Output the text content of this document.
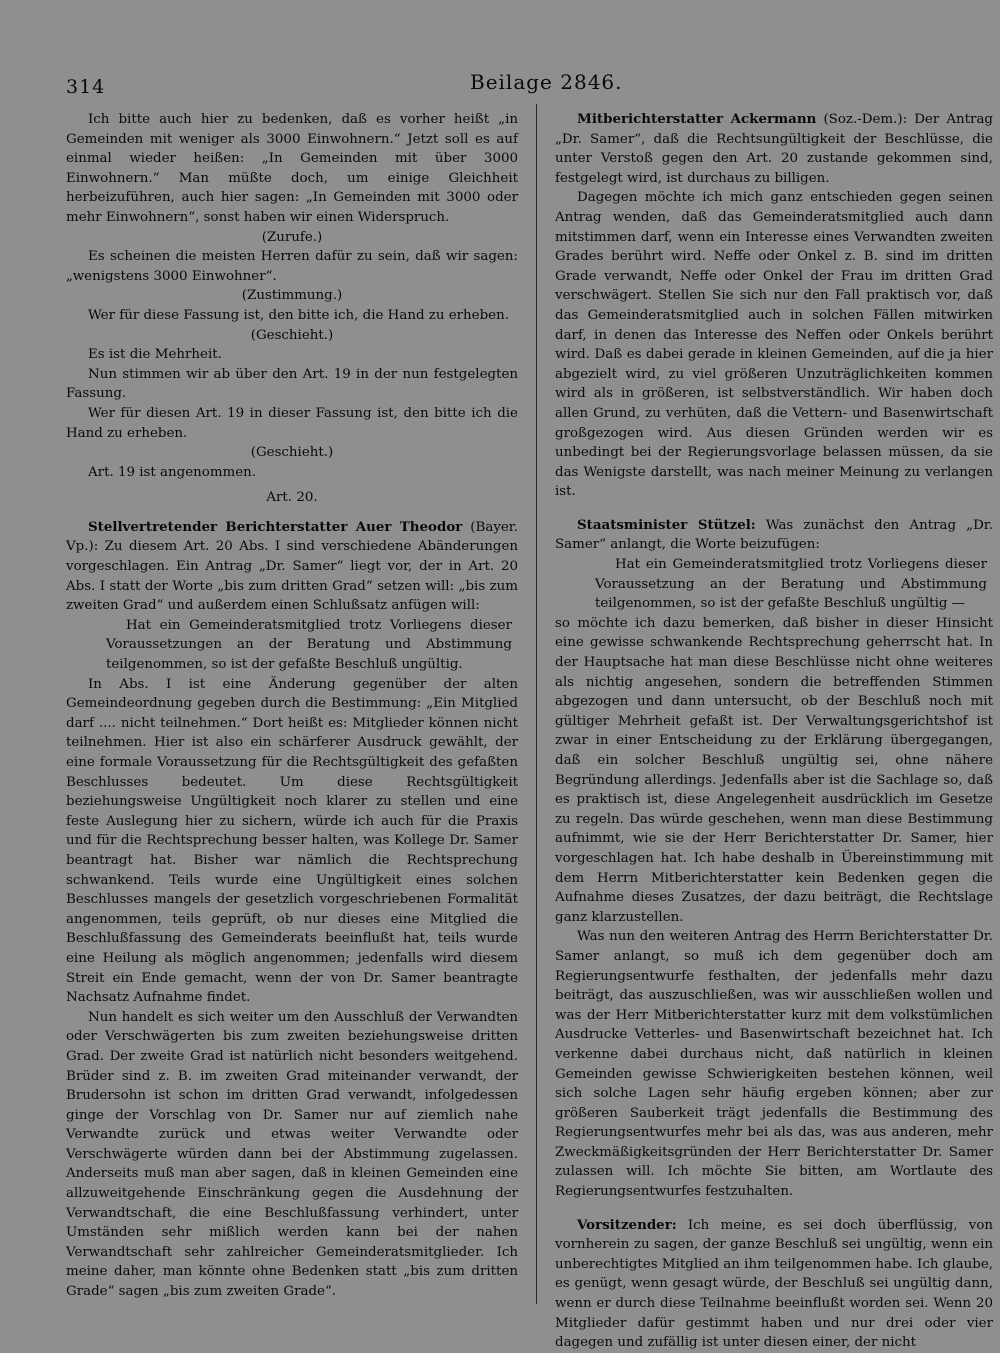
314	Beilage 2846.

Ich bitte auch hier zu bedenken, daß es vorher heißt „in Gemeinden mit weniger als 3000 Einwohnern.“ Jetzt soll es auf einmal wieder heißen: „In Gemeinden mit über 3000 Einwohnern.“ Man müßte doch, um einige Gleichheit herbeizuführen, auch hier sagen: „In Gemeinden mit 3000 oder mehr Einwohnern“, sonst haben wir einen Widerspruch.

(Zurufe.)

Es scheinen die meisten Herren dafür zu sein, daß wir sagen: „wenigstens 3000 Einwohner“.

(Zustimmung.)

Wer für diese Fassung ist, den bitte ich, die Hand zu erheben.

(Geschieht.)

Es ist die Mehrheit.

Nun stimmen wir ab über den Art. 19 in der nun festgelegten Fassung.

Wer für diesen Art. 19 in dieser Fassung ist, den bitte ich die Hand zu erheben.

(Geschieht.)

Art. 19 ist angenommen.

Art. 20.

Stellvertretender Berichterstatter Auer Theodor (Bayer. Vp.): Zu diesem Art. 20 Abs. I sind verschiedene Abänderungen vorgeschlagen. Ein Antrag „Dr. Samer“ liegt vor, der in Art. 20 Abs. I statt der Worte „bis zum dritten Grad“ setzen will: „bis zum zweiten Grad“ und außerdem einen Schlußsatz anfügen will:

Hat ein Gemeinderatsmitglied trotz Vorliegens dieser Voraussetzungen an der Beratung und Abstimmung teilgenommen, so ist der gefaßte Beschluß ungültig.

In Abs. I ist eine Änderung gegenüber der alten Gemeindeordnung gegeben durch die Bestimmung: „Ein Mitglied darf .... nicht teilnehmen.“ Dort heißt es: Mitglieder können nicht teilnehmen. Hier ist also ein schärferer Ausdruck gewählt, der eine formale Voraussetzung für die Rechtsgültigkeit des gefaßten Beschlusses bedeutet. Um diese Rechtsgültigkeit beziehungsweise Ungültigkeit noch klarer zu stellen und eine feste Auslegung hier zu sichern, würde ich auch für die Praxis und für die Rechtsprechung besser halten, was Kollege Dr. Samer beantragt hat. Bisher war nämlich die Rechtsprechung schwankend. Teils wurde eine Ungültigkeit eines solchen Beschlusses mangels der gesetzlich vorgeschriebenen Formalität angenommen, teils geprüft, ob nur dieses eine Mitglied die Beschlußfassung des Gemeinderats beeinflußt hat, teils wurde eine Heilung als möglich angenommen; jedenfalls wird diesem Streit ein Ende gemacht, wenn der von Dr. Samer beantragte Nachsatz Aufnahme findet.

Nun handelt es sich weiter um den Ausschluß der Verwandten oder Verschwägerten bis zum zweiten beziehungsweise dritten Grad. Der zweite Grad ist natürlich nicht besonders weitgehend. Brüder sind z. B. im zweiten Grad miteinander verwandt, der Brudersohn ist schon im dritten Grad verwandt, infolgedessen ginge der Vorschlag von Dr. Samer nur auf ziemlich nahe Verwandte zurück und etwas weiter Verwandte oder Verschwägerte würden dann bei der Abstimmung zugelassen. Anderseits muß man aber sagen, daß in kleinen Gemeinden eine allzuweitgehende Einschränkung gegen die Ausdehnung der Verwandtschaft, die eine Beschlußfassung verhindert, unter Umständen sehr mißlich werden kann bei der nahen Verwandtschaft sehr zahlreicher Gemeinderatsmitglieder. Ich meine daher, man könnte ohne Bedenken statt „bis zum dritten Grade“ sagen „bis zum zweiten Grade“.

Mitberichterstatter Ackermann (Soz.-Dem.): Der Antrag „Dr. Samer“, daß die Rechtsungültigkeit der Beschlüsse, die unter Verstoß gegen den Art. 20 zustande gekommen sind, festgelegt wird, ist durchaus zu billigen.

Dagegen möchte ich mich ganz entschieden gegen seinen Antrag wenden, daß das Gemeinderatsmitglied auch dann mitstimmen darf, wenn ein Interesse eines Verwandten zweiten Grades berührt wird. Neffe oder Onkel z. B. sind im dritten Grade verwandt, Neffe oder Onkel der Frau im dritten Grad verschwägert. Stellen Sie sich nur den Fall praktisch vor, daß das Gemeinderatsmitglied auch in solchen Fällen mitwirken darf, in denen das Interesse des Neffen oder Onkels berührt wird. Daß es dabei gerade in kleinen Gemeinden, auf die ja hier abgezielt wird, zu viel größeren Unzuträglichkeiten kommen wird als in größeren, ist selbstverständlich. Wir haben doch allen Grund, zu verhüten, daß die Vettern- und Basenwirtschaft großgezogen wird. Aus diesen Gründen werden wir es unbedingt bei der Regierungsvorlage belassen müssen, da sie das Wenigste darstellt, was nach meiner Meinung zu verlangen ist.

Staatsminister Stützel: Was zunächst den Antrag „Dr. Samer“ anlangt, die Worte beizufügen:

Hat ein Gemeinderatsmitglied trotz Vorliegens dieser Voraussetzung an der Beratung und Abstimmung teilgenommen, so ist der gefaßte Beschluß ungültig —

so möchte ich dazu bemerken, daß bisher in dieser Hinsicht eine gewisse schwankende Rechtsprechung geherrscht hat. In der Hauptsache hat man diese Beschlüsse nicht ohne weiteres als nichtig angesehen, sondern die betreffenden Stimmen abgezogen und dann untersucht, ob der Beschluß noch mit gültiger Mehrheit gefaßt ist. Der Verwaltungsgerichtshof ist zwar in einer Entscheidung zu der Erklärung übergegangen, daß ein solcher Beschluß ungültig sei, ohne nähere Begründung allerdings. Jedenfalls aber ist die Sachlage so, daß es praktisch ist, diese Angelegenheit ausdrücklich im Gesetze zu regeln. Das würde geschehen, wenn man diese Bestimmung aufnimmt, wie sie der Herr Berichterstatter Dr. Samer, hier vorgeschlagen hat. Ich habe deshalb in Übereinstimmung mit dem Herrn Mitberichterstatter kein Bedenken gegen die Aufnahme dieses Zusatzes, der dazu beiträgt, die Rechtslage ganz klarzustellen.

Was nun den weiteren Antrag des Herrn Berichterstatter Dr. Samer anlangt, so muß ich dem gegenüber doch am Regierungsentwurfe festhalten, der jedenfalls mehr dazu beiträgt, das auszuschließen, was wir ausschließen wollen und was der Herr Mitberichterstatter kurz mit dem volkstümlichen Ausdrucke Vetterles- und Basenwirtschaft bezeichnet hat. Ich verkenne dabei durchaus nicht, daß natürlich in kleinen Gemeinden gewisse Schwierigkeiten bestehen können, weil sich solche Lagen sehr häufig ergeben können; aber zur größeren Sauberkeit trägt jedenfalls die Bestimmung des Regierungsentwurfes mehr bei als das, was aus anderen, mehr Zweckmäßigkeitsgründen der Herr Berichterstatter Dr. Samer zulassen will. Ich möchte Sie bitten, am Wortlaute des Regierungsentwurfes festzuhalten.

Vorsitzender: Ich meine, es sei doch überflüssig, von vornherein zu sagen, der ganze Beschluß sei ungültig, wenn ein unberechtigtes Mitglied an ihm teilgenommen habe. Ich glaube, es genügt, wenn gesagt würde, der Beschluß sei ungültig dann, wenn er durch diese Teilnahme beeinflußt worden sei. Wenn 20 Mitglieder dafür gestimmt haben und nur drei oder vier dagegen und zufällig ist unter diesen einer, der nicht
